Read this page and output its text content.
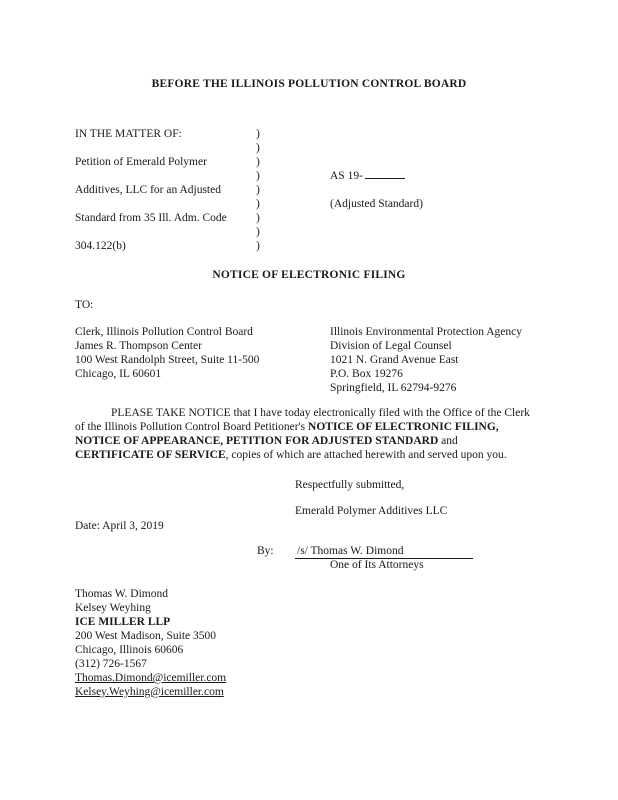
BEFORE THE ILLINOIS POLLUTION CONTROL BOARD
IN THE MATTER OF:
Petition of Emerald Polymer
Additives, LLC for an Adjusted
Standard from 35 Ill. Adm. Code
304.122(b)
)
)
)
)
)
)
)
)
)
AS 19-
(Adjusted Standard)
NOTICE OF ELECTRONIC FILING
TO:
Clerk, Illinois Pollution Control Board
James R. Thompson Center
100 West Randolph Street, Suite 11-500
Chicago, IL 60601
Illinois Environmental Protection Agency
Division of Legal Counsel
1021 N. Grand Avenue East
P.O. Box 19276
Springfield, IL 62794-9276
PLEASE TAKE NOTICE that I have today electronically filed with the Office of the Clerk of the Illinois Pollution Control Board Petitioner's NOTICE OF ELECTRONIC FILING, NOTICE OF APPEARANCE, PETITION FOR ADJUSTED STANDARD and CERTIFICATE OF SERVICE, copies of which are attached herewith and served upon you.
Respectfully submitted,
Emerald Polymer Additives LLC
Date: April 3, 2019
By: /s/ Thomas W. Dimond
One of Its Attorneys
Thomas W. Dimond
Kelsey Weyhing
ICE MILLER LLP
200 West Madison, Suite 3500
Chicago, Illinois 60606
(312) 726-1567
Thomas.Dimond@icemiller.com
Kelsey.Weyhing@icemiller.com
